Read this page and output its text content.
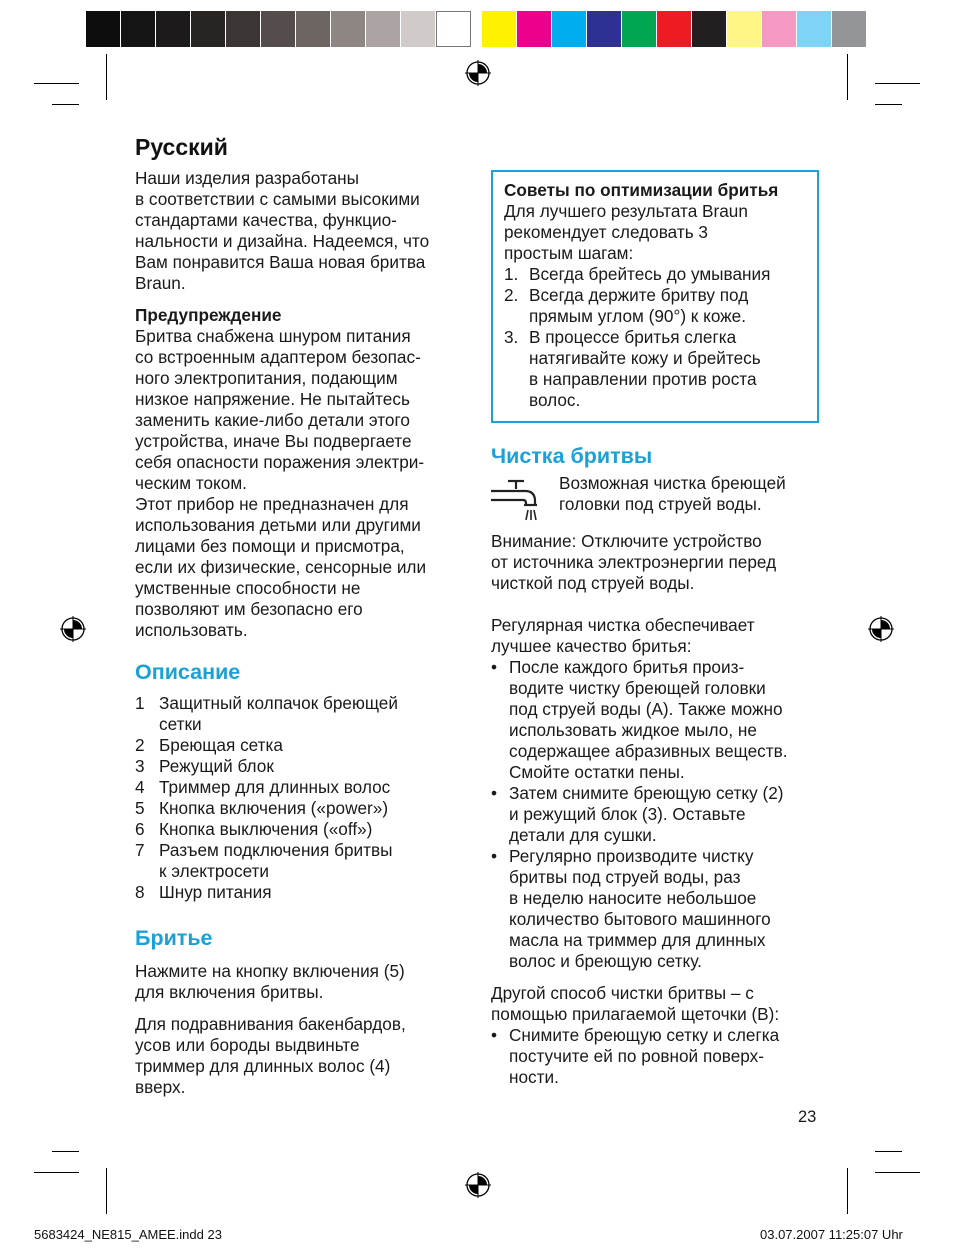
Русский

Наши изделия разработаны
в соответствии с самыми высокими
стандартами качества, функцио-
нальности и дизайна. Надеемся, что
Вам понравится Ваша новая бритва
Braun.

Предупреждение

Бритва снабжена шнуром питания
со встроенным адаптером безопас-
ного электропитания, подающим
низкое напряжение. Не пытайтесь
заменить какие-либо детали этого
устройства, иначе Вы подвергаете
себя опасности поражения электри-
ческим током.
Этот прибор не предназначен для
использования детьми или другими
лицами без помощи и присмотра,
если их физические, сенсорные или
умственные способности не
позволяют им безопасно его
использовать.

Описание
1 Защитный колпачок бреющей
сетки
2 Бреющая сетка
3 Режущий блок
4 Триммер для длинных волос
5 Кнопка включения («power»)
6 Кнопка выключения («off»)
7 Разъем подключения бритвы
к электросети
8 Шнур питания
Бритье

Нажмите на кнопку включения (5)
для включения бритвы.

Для подравнивания бакенбардов,
усов или бороды выдвиньте
триммер для длинных волос (4)
вверх.

Советы по оптимизации бритья

Для лучшего результата Braun
рекомендует следовать 3
простым шагам:

1. Всегда брейтесь до умывания
2. Всегда держите бритву под
прямым углом (90°) к коже.
3. В процессе бритья слегка
натягивайте кожу и брейтесь
в направлении против роста
волос.
Чистка бритвы

Возможная чистка бреющей
головки под струей воды.

Внимание: Отключите устройство
от источника электроэнергии перед
чисткой под струей воды.

Регулярная чистка обеспечивает
лучшее качество бритья:

• После каждого бритья произ-
водите чистку бреющей головки
под струей воды (A). Также можно
использовать жидкое мыло, не
содержащее абразивных веществ.
Смойте остатки пены.
• Затем снимите бреющую сетку (2)
и режущий блок (3). Оставьте
детали для сушки.
• Регулярно производите чистку
бритвы под струей воды, раз
в неделю наносите небольшое
количество бытового машинного
масла на триммер для длинных
волос и бреющую сетку.

Другой способ чистки бритвы – с
помощью прилагаемой щеточки (B):

• Снимите бреющую сетку и слегка
постучите ей по ровной поверх-
ности.
23
5683424_NE815_AMEE.indd 23	03.07.2007 11:25:07 Uhr
